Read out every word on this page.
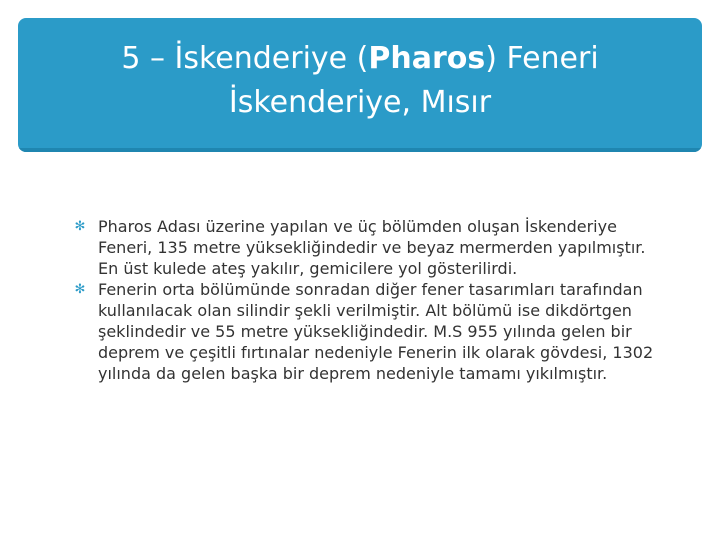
5 – İskenderiye (Pharos) Feneri
İskenderiye, Mısır

✻ Pharos Adası üzerine yapılan ve üç bölümden oluşan İskenderiye Feneri, 135 metre yüksekliğindedir ve beyaz mermerden yapılmıştır. En üst kulede ateş yakılır, gemicilere yol gösterilirdi.

✻ Fenerin orta bölümünde sonradan diğer fener tasarımları tarafından kullanılacak olan silindir şekli verilmiştir. Alt bölümü ise dikdörtgen şeklindedir ve 55 metre yüksekliğindedir. M.S 955 yılında gelen bir deprem ve çeşitli fırtınalar nedeniyle Fenerin ilk olarak gövdesi, 1302 yılında da gelen başka bir deprem nedeniyle tamamı yıkılmıştır.
